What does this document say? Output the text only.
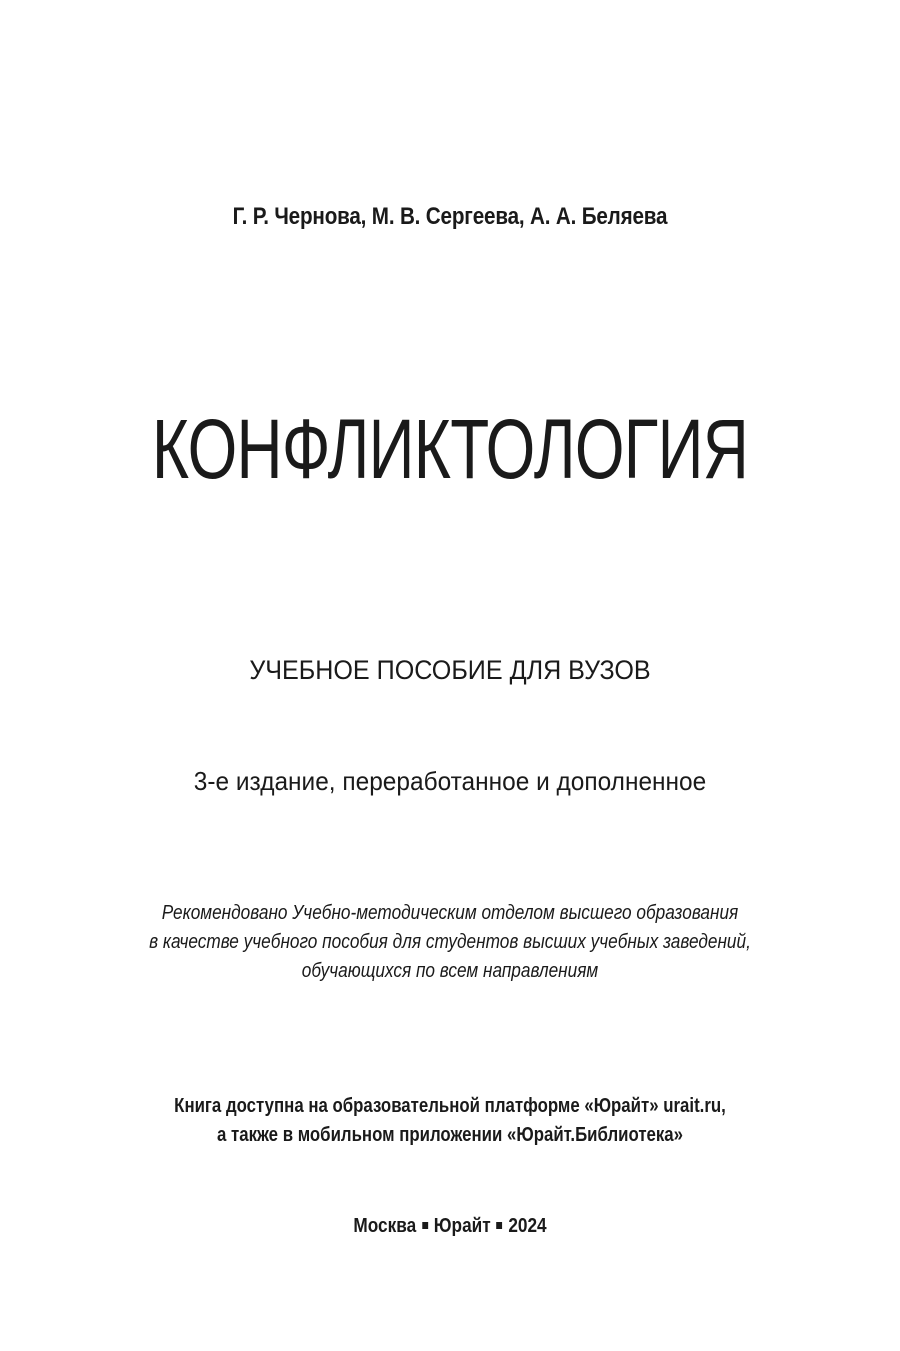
Г. Р. Чернова, М. В. Сергеева, А. А. Беляева
КОНФЛИКТОЛОГИЯ
УЧЕБНОЕ ПОСОБИЕ ДЛЯ ВУЗОВ
3-е издание, переработанное и дополненное
Рекомендовано Учебно-методическим отделом высшего образования
в качестве учебного пособия для студентов высших учебных заведений,
обучающихся по всем направлениям
Книга доступна на образовательной платформе «Юрайт» urait.ru,
а также в мобильном приложении «Юрайт.Библиотека»
Москва Юрайт 2024
